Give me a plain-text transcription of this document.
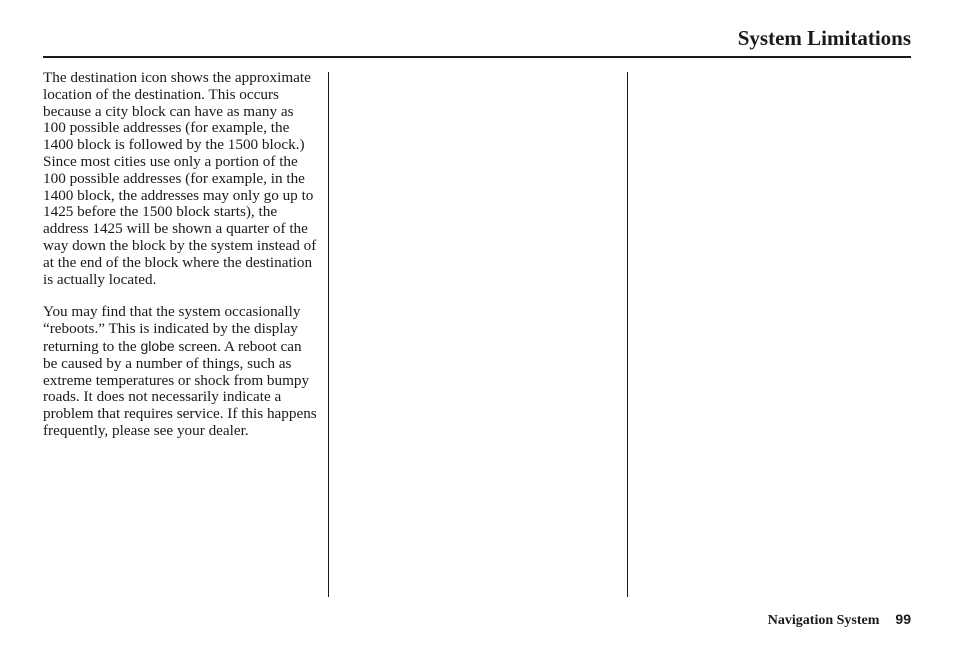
System Limitations

The destination icon shows the approximate location of the destination. This occurs because a city block can have as many as 100 possible addresses (for example, the 1400 block is followed by the 1500 block.) Since most cities use only a portion of the 100 possible addresses (for example, in the 1400 block, the addresses may only go up to 1425 before the 1500 block starts), the address 1425 will be shown a quarter of the way down the block by the system instead of at the end of the block where the destination is actually located.

You may find that the system occasionally “reboots.” This is indicated by the display returning to the globe screen. A reboot can be caused by a number of things, such as extreme temperatures or shock from bumpy roads. It does not necessarily indicate a problem that requires service. If this happens frequently, please see your dealer.

Navigation System 99
